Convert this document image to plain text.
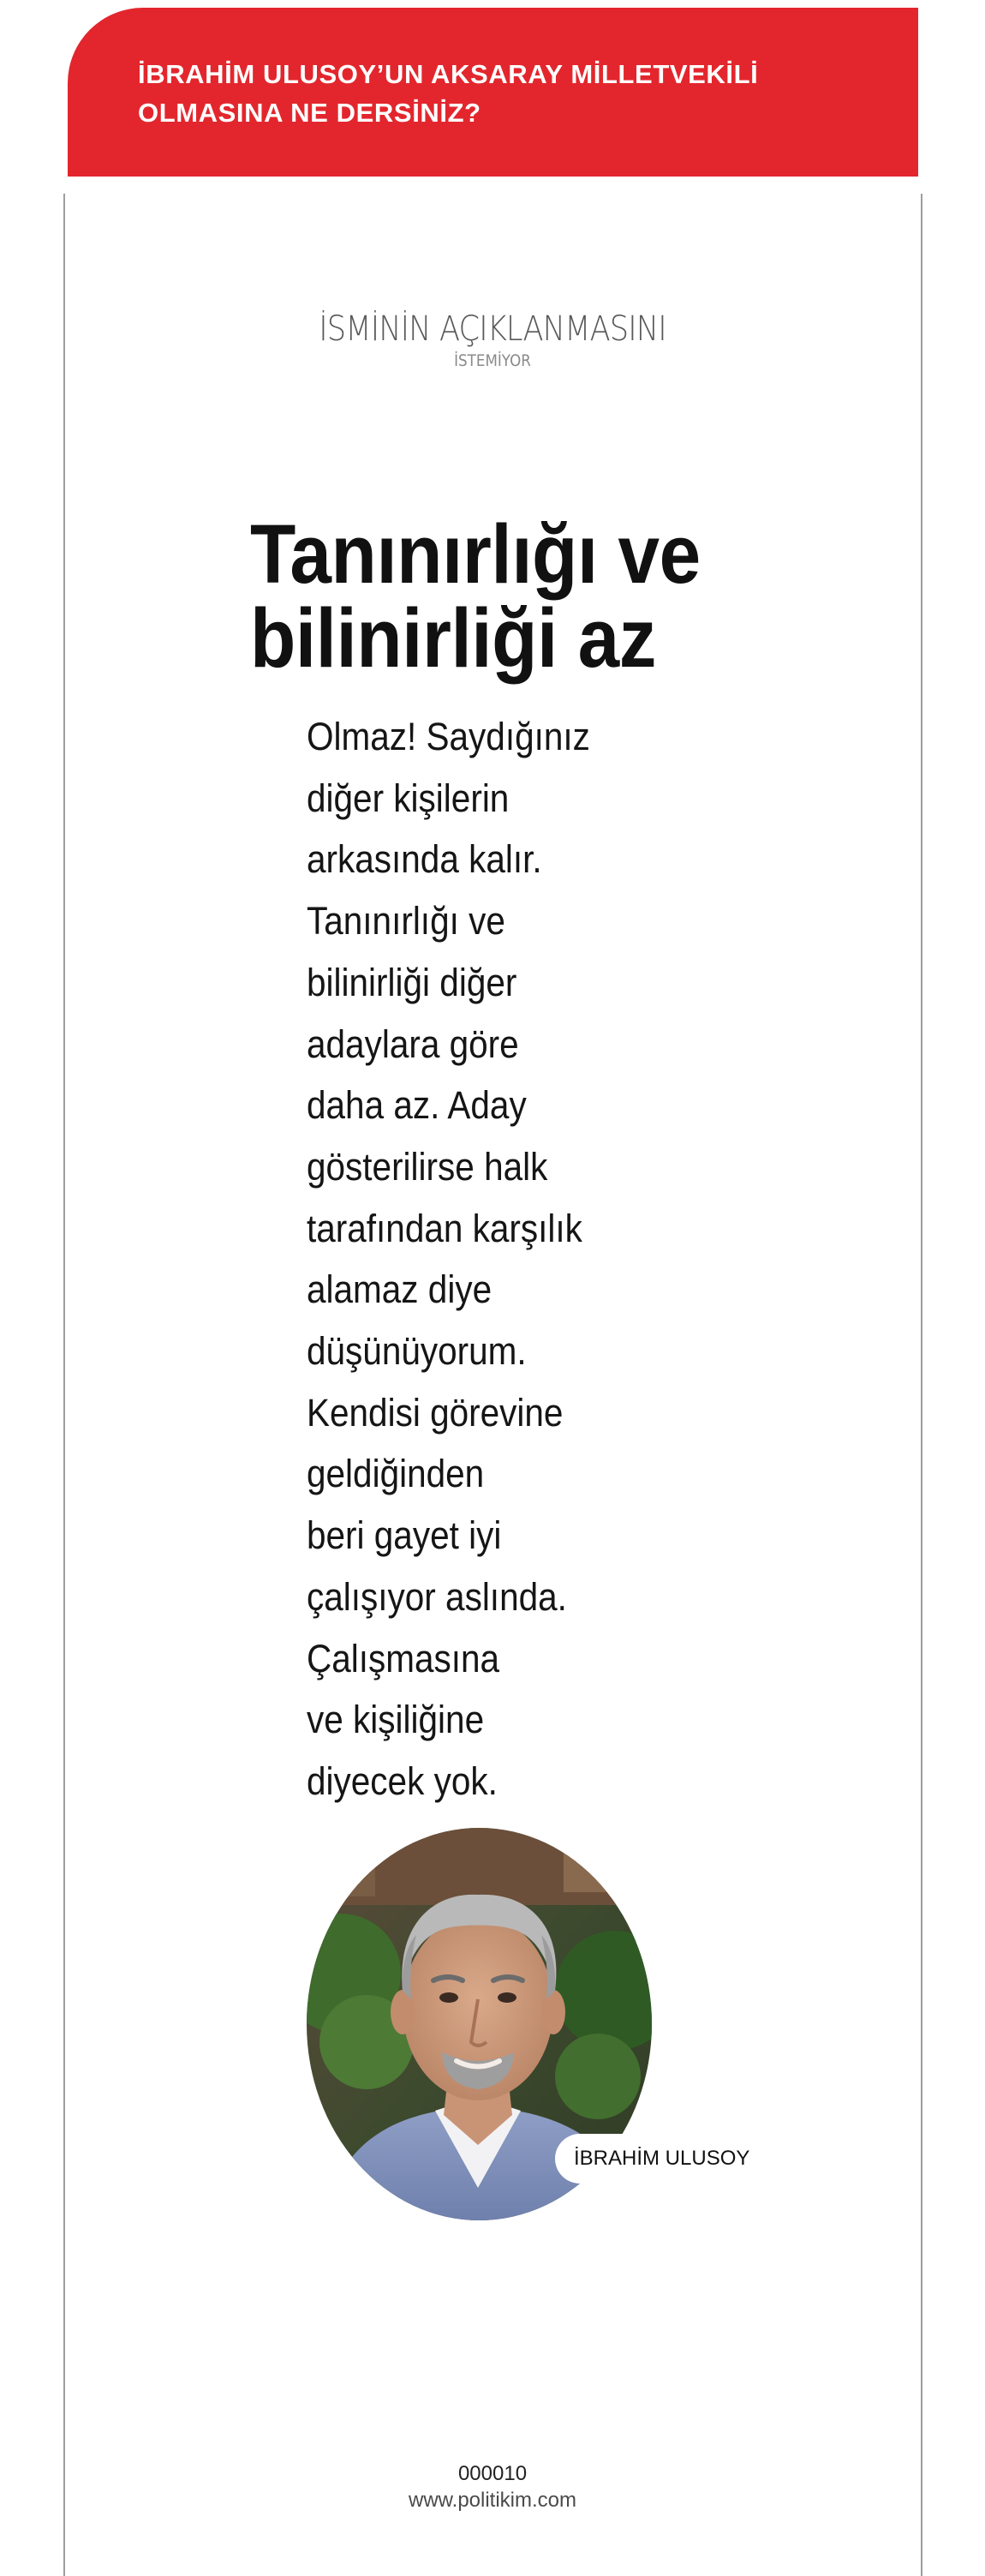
İBRAHİM ULUSOY’UN AKSARAY MİLLETVEKİLİ OLMASINA NE DERSİNİZ?
İSMİNİN AÇIKLANMASINI
İSTEMİYOR
Tanınırlığı ve bilinirliği az

Olmaz! Saydığınız
diğer kişilerin
arkasında kalır.
Tanınırlığı ve
bilinirliği diğer
adaylara göre
daha az. Aday
gösterilirse halk
tarafından karşılık
alamaz diye
düşünüyorum.
Kendisi görevine
geldiğinden
beri gayet iyi
çalışıyor aslında.
Çalışmasına
ve kişiliğine
diyecek yok.

İBRAHİM ULUSOY
000010
www.politikim.com
